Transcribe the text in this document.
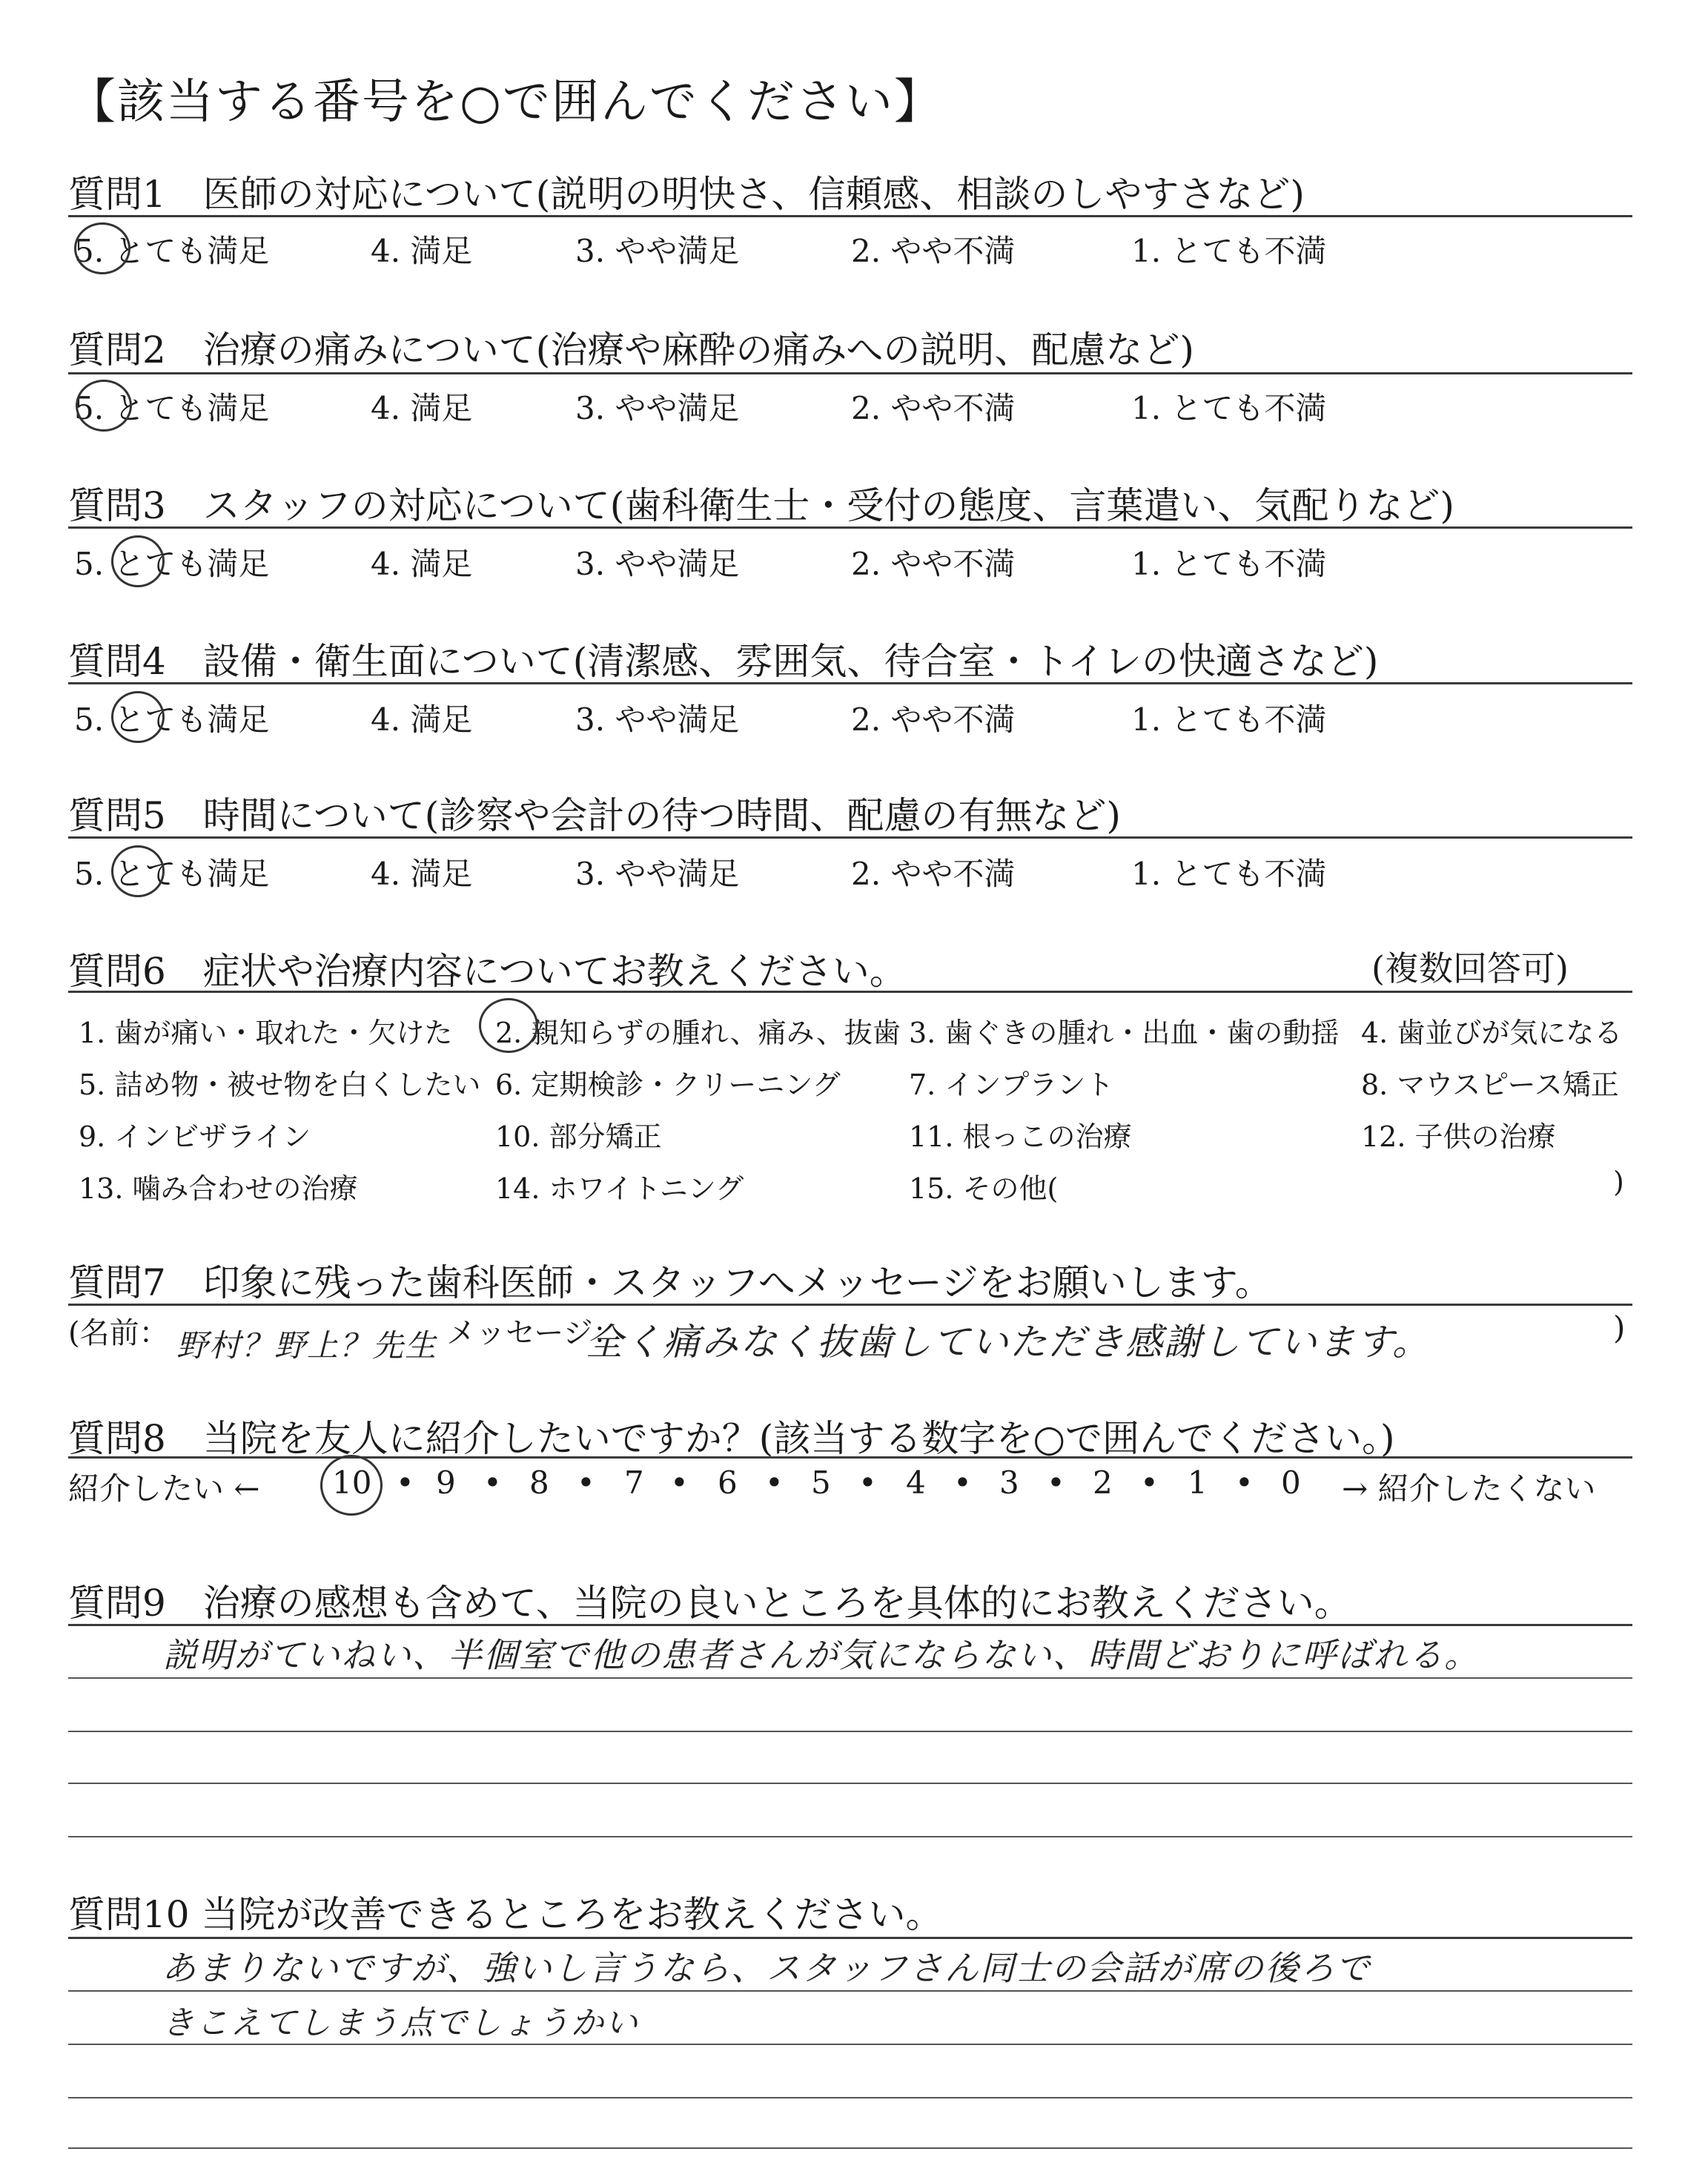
【該当する番号を○で囲んでください】
質問1　医師の対応について(説明の明快さ、信頼感、相談のしやすさなど)
5. とても満足	4. 満足	3. やや満足	2. やや不満	1. とても不満
質問2　治療の痛みについて(治療や麻酔の痛みへの説明、配慮など)
5. とても満足	4. 満足	3. やや満足	2. やや不満	1. とても不満
質問3　スタッフの対応について(歯科衛生士・受付の態度、言葉遣い、気配りなど)
5. とても満足	4. 満足	3. やや満足	2. やや不満	1. とても不満
質問4　設備・衛生面について(清潔感、雰囲気、待合室・トイレの快適さなど)
5. とても満足	4. 満足	3. やや満足	2. やや不満	1. とても不満
質問5　時間について(診察や会計の待つ時間、配慮の有無など)
5. とても満足	4. 満足	3. やや満足	2. やや不満	1. とても不満
質問6　症状や治療内容についてお教えください。	(複数回答可)
1. 歯が痛い・取れた・欠けた 2. 親知らずの腫れ、痛み、抜歯 3. 歯ぐきの腫れ・出血・歯の動揺 4. 歯並びが気になる
5. 詰め物・被せ物を白くしたい 6. 定期検診・クリーニング 7. インプラント	8. マウスピース矯正
9. インビザライン	10. 部分矯正	11. 根っこの治療	12. 子供の治療
13. 噛み合わせの治療	14. ホワイトニング	15. その他(	)
質問7　印象に残った歯科医師・スタッフへメッセージをお願いします。
(名前： 野村？野上？先生 メッセージ：
全く痛みなく抜歯していただき感謝しています。	)
質問8　当院を友人に紹介したいですか？(該当する数字を○で囲んでください。)
紹介したい ← 10 • 9 • 8 • 7 • 6 • 5 • 4 • 3 • 2 • 1 • 0 → 紹介したくない
質問9　治療の感想も含めて、当院の良いところを具体的にお教えください。
説明がていねい、半個室で他の患者さんが気にならない、時間どおりに呼ばれる。
質問10 当院が改善できるところをお教えください。
あまりないですが、強いし言うなら、スタッフさん同士の会話が席の後ろで
きこえてしまう点でしょうかい
